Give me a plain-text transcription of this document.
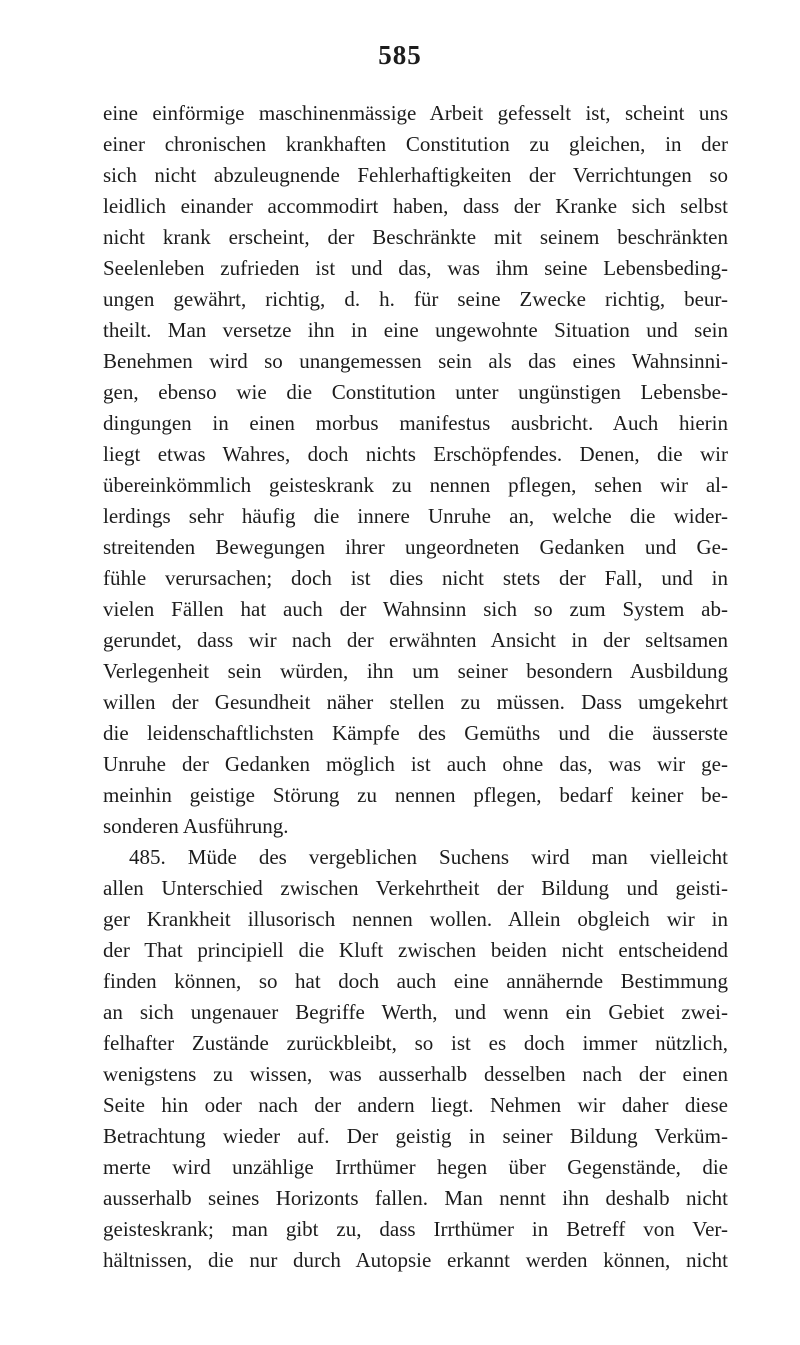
585
eine einförmige maschinenmässige Arbeit gefesselt ist, scheint uns
einer chronischen krankhaften Constitution zu gleichen, in der
sich nicht abzuleugnende Fehlerhaftigkeiten der Verrichtungen so
leidlich einander accommodirt haben, dass der Kranke sich selbst
nicht krank erscheint, der Beschränkte mit seinem beschränkten
Seelenleben zufrieden ist und das, was ihm seine Lebensbeding-
ungen gewährt, richtig, d. h. für seine Zwecke richtig, beur-
theilt. Man versetze ihn in eine ungewohnte Situation und sein
Benehmen wird so unangemessen sein als das eines Wahnsinni-
gen, ebenso wie die Constitution unter ungünstigen Lebensbe-
dingungen in einen morbus manifestus ausbricht. Auch hierin
liegt etwas Wahres, doch nichts Erschöpfendes. Denen, die wir
übereinkömmlich geisteskrank zu nennen pflegen, sehen wir al-
lerdings sehr häufig die innere Unruhe an, welche die wider-
streitenden Bewegungen ihrer ungeordneten Gedanken und Ge-
fühle verursachen; doch ist dies nicht stets der Fall, und in
vielen Fällen hat auch der Wahnsinn sich so zum System ab-
gerundet, dass wir nach der erwähnten Ansicht in der seltsamen
Verlegenheit sein würden, ihn um seiner besondern Ausbildung
willen der Gesundheit näher stellen zu müssen. Dass umgekehrt
die leidenschaftlichsten Kämpfe des Gemüths und die äusserste
Unruhe der Gedanken möglich ist auch ohne das, was wir ge-
meinhin geistige Störung zu nennen pflegen, bedarf keiner be-
sonderen Ausführung.
485. Müde des vergeblichen Suchens wird man vielleicht
allen Unterschied zwischen Verkehrtheit der Bildung und geisti-
ger Krankheit illusorisch nennen wollen. Allein obgleich wir in
der That principiell die Kluft zwischen beiden nicht entscheidend
finden können, so hat doch auch eine annähernde Bestimmung
an sich ungenauer Begriffe Werth, und wenn ein Gebiet zwei-
felhafter Zustände zurückbleibt, so ist es doch immer nützlich,
wenigstens zu wissen, was ausserhalb desselben nach der einen
Seite hin oder nach der andern liegt. Nehmen wir daher diese
Betrachtung wieder auf. Der geistig in seiner Bildung Verküm-
merte wird unzählige Irrthümer hegen über Gegenstände, die
ausserhalb seines Horizonts fallen. Man nennt ihn deshalb nicht
geisteskrank; man gibt zu, dass Irrthümer in Betreff von Ver-
hältnissen, die nur durch Autopsie erkannt werden können, nicht
